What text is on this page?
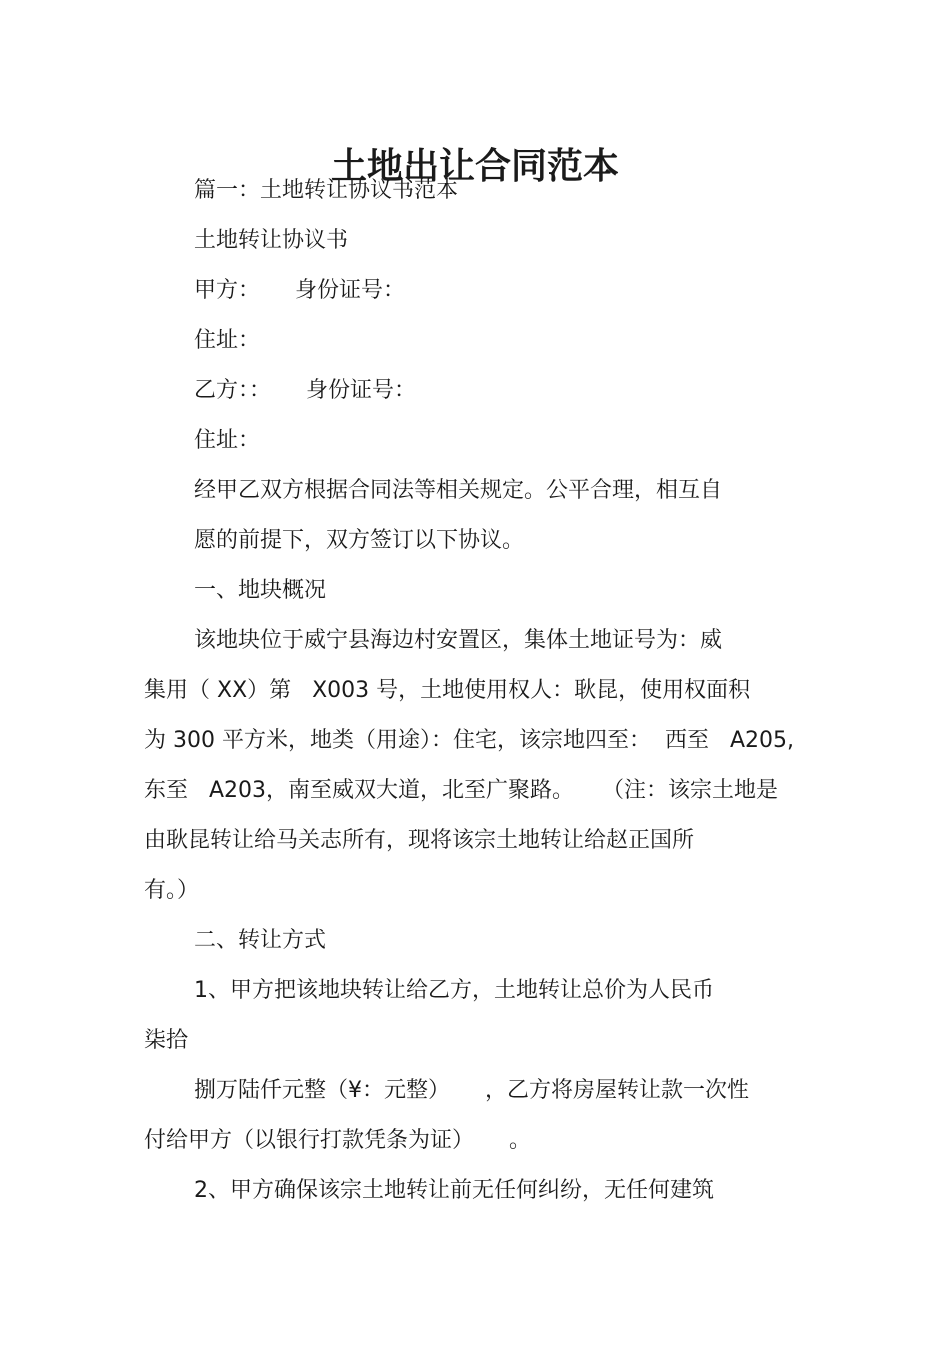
土地出让合同范本

篇一：土地转让协议书范本

土地转让协议书

甲方：     身份证号：

住址：

乙方：：     身份证号：

住址：

经甲乙双方根据合同法等相关规定。公平合理，相互自

愿的前提下，双方签订以下协议。

一、地块概况

该地块位于威宁县海边村安置区，集体土地证号为：威

集用（ XX）第   X003 号，土地使用权人：耿昆，使用权面积

为 300 平方米，地类（用途）：住宅，该宗地四至：  西至   A205,

东至   A203，南至威双大道，北至广聚路。    （注：该宗土地是

由耿昆转让给马关志所有，现将该宗土地转让给赵正国所

有。）

二、转让方式

1、甲方把该地块转让给乙方，土地转让总价为人民币

柒拾

捌万陆仟元整（¥：元整）     ，乙方将房屋转让款一次性

付给甲方（以银行打款凭条为证）     。

2、甲方确保该宗土地转让前无任何纠纷，无任何建筑
